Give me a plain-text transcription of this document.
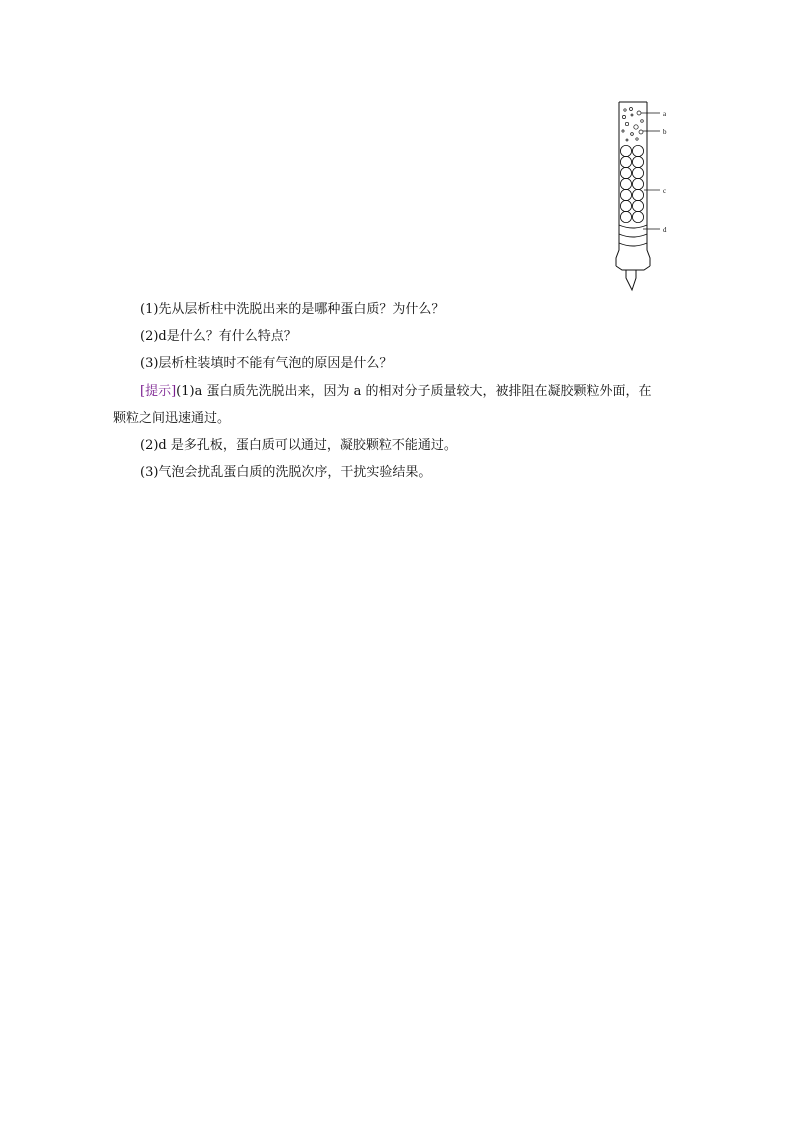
a
b
c
d
(1)先从层析柱中洗脱出来的是哪种蛋白质？为什么？
(2)d是什么？有什么特点？
(3)层析柱装填时不能有气泡的原因是什么？
[提示](1)a 蛋白质先洗脱出来，因为 a 的相对分子质量较大，被排阻在凝胶颗粒外面，在
颗粒之间迅速通过。
(2)d 是多孔板，蛋白质可以通过，凝胶颗粒不能通过。
(3)气泡会扰乱蛋白质的洗脱次序，干扰实验结果。
